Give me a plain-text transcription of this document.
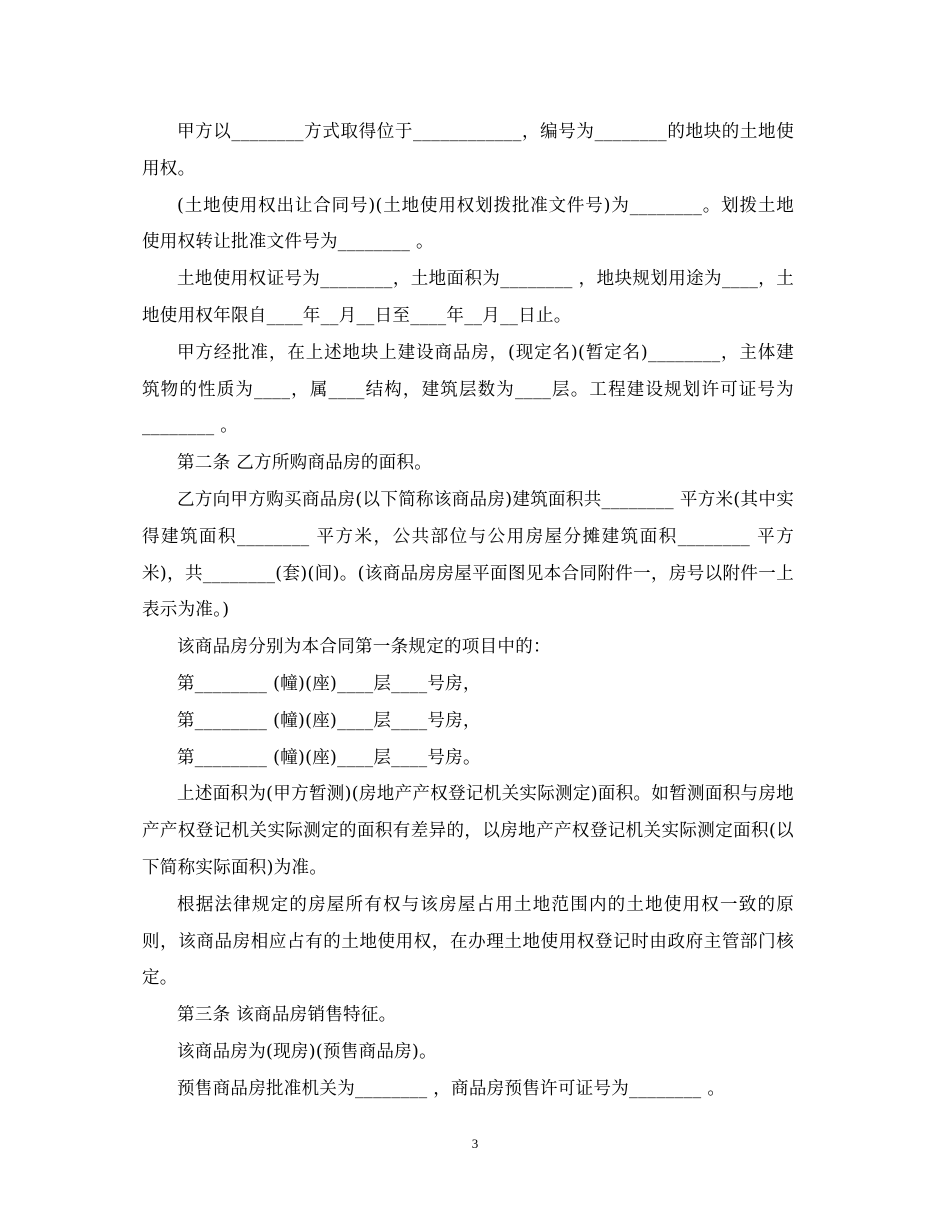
甲方以________方式取得位于____________，编号为________的地块的土地使用权。

(土地使用权出让合同号)(土地使用权划拨批准文件号)为________。划拨土地使用权转让批准文件号为________ 。

土地使用权证号为________，土地面积为________ ，地块规划用途为____，土地使用权年限自____年__月__日至____年__月__日止。

甲方经批准，在上述地块上建设商品房，(现定名)(暂定名)________，主体建筑物的性质为____，属____结构，建筑层数为____层。工程建设规划许可证号为________ 。

第二条 乙方所购商品房的面积。

乙方向甲方购买商品房(以下简称该商品房)建筑面积共________ 平方米(其中实得建筑面积________ 平方米，公共部位与公用房屋分摊建筑面积________ 平方米)，共________(套)(间)。(该商品房房屋平面图见本合同附件一，房号以附件一上表示为准。)

该商品房分别为本合同第一条规定的项目中的：

第________ (幢)(座)____层____号房，

第________ (幢)(座)____层____号房，

第________ (幢)(座)____层____号房。

上述面积为(甲方暂测)(房地产产权登记机关实际测定)面积。如暂测面积与房地产产权登记机关实际测定的面积有差异的，以房地产产权登记机关实际测定面积(以下简称实际面积)为准。

根据法律规定的房屋所有权与该房屋占用土地范围内的土地使用权一致的原则，该商品房相应占有的土地使用权，在办理土地使用权登记时由政府主管部门核定。

第三条 该商品房销售特征。

该商品房为(现房)(预售商品房)。

预售商品房批准机关为________ ，商品房预售许可证号为________ 。

3
